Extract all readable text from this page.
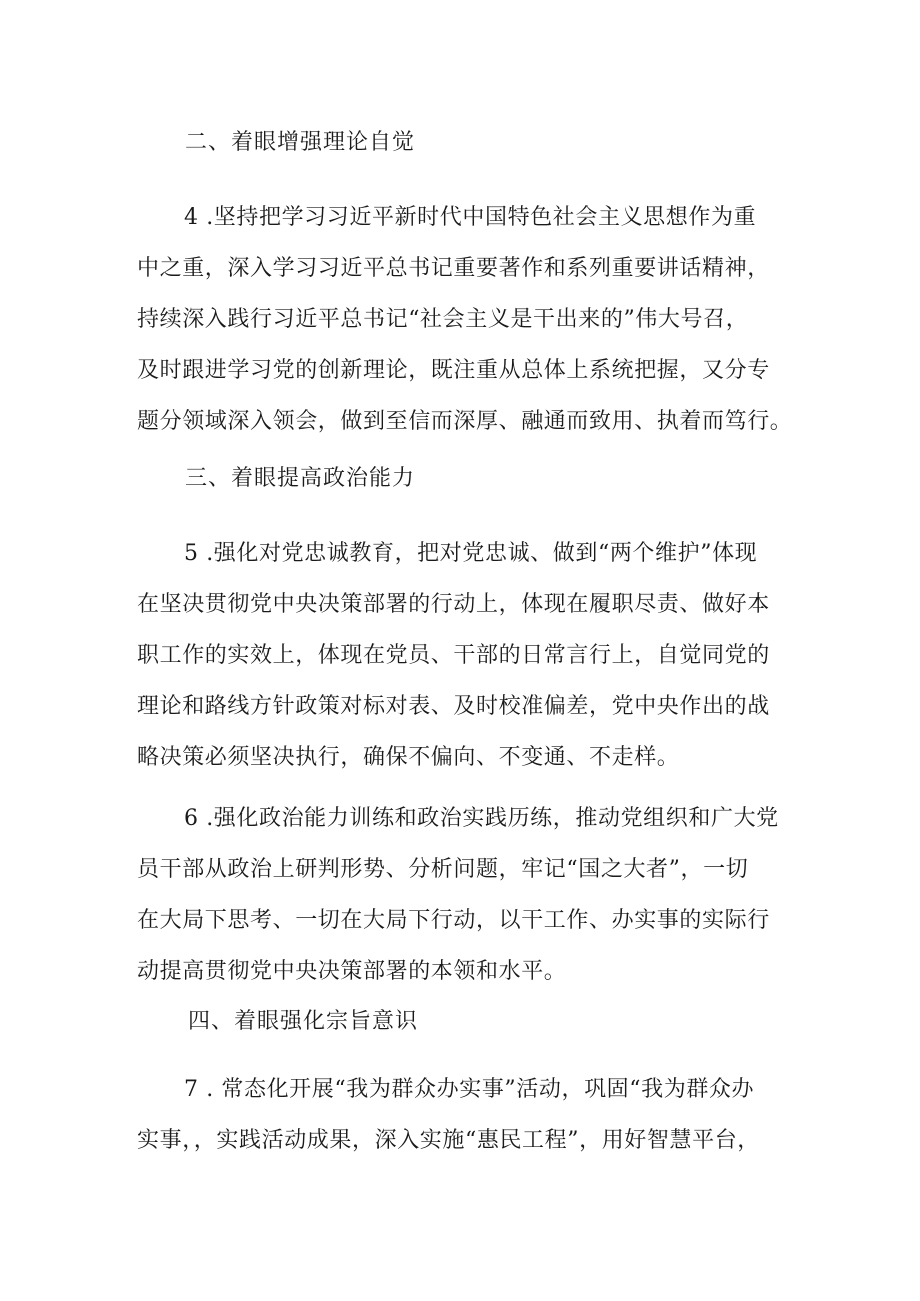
二、着眼增强理论自觉
4 .坚持把学习习近平新时代中国特色社会主义思想作为重
中之重，深入学习习近平总书记重要著作和系列重要讲话精神，
持续深入践行习近平总书记“社会主义是干出来的”伟大号召，
及时跟进学习党的创新理论，既注重从总体上系统把握，又分专
题分领域深入领会，做到至信而深厚、融通而致用、执着而笃行。
三、着眼提高政治能力
5 .强化对党忠诚教育，把对党忠诚、做到“两个维护”体现
在坚决贯彻党中央决策部署的行动上，体现在履职尽责、做好本
职工作的实效上，体现在党员、干部的日常言行上，自觉同党的
理论和路线方针政策对标对表、及时校准偏差，党中央作出的战
略决策必须坚决执行，确保不偏向、不变通、不走样。
6 .强化政治能力训练和政治实践历练，推动党组织和广大党
员干部从政治上研判形势、分析问题，牢记“国之大者”，一切
在大局下思考、一切在大局下行动，以干工作、办实事的实际行
动提高贯彻党中央决策部署的本领和水平。
四、着眼强化宗旨意识
7 . 常态化开展“我为群众办实事”活动，巩固“我为群众办
实事，，实践活动成果，深入实施“惠民工程”，用好智慧平台，
